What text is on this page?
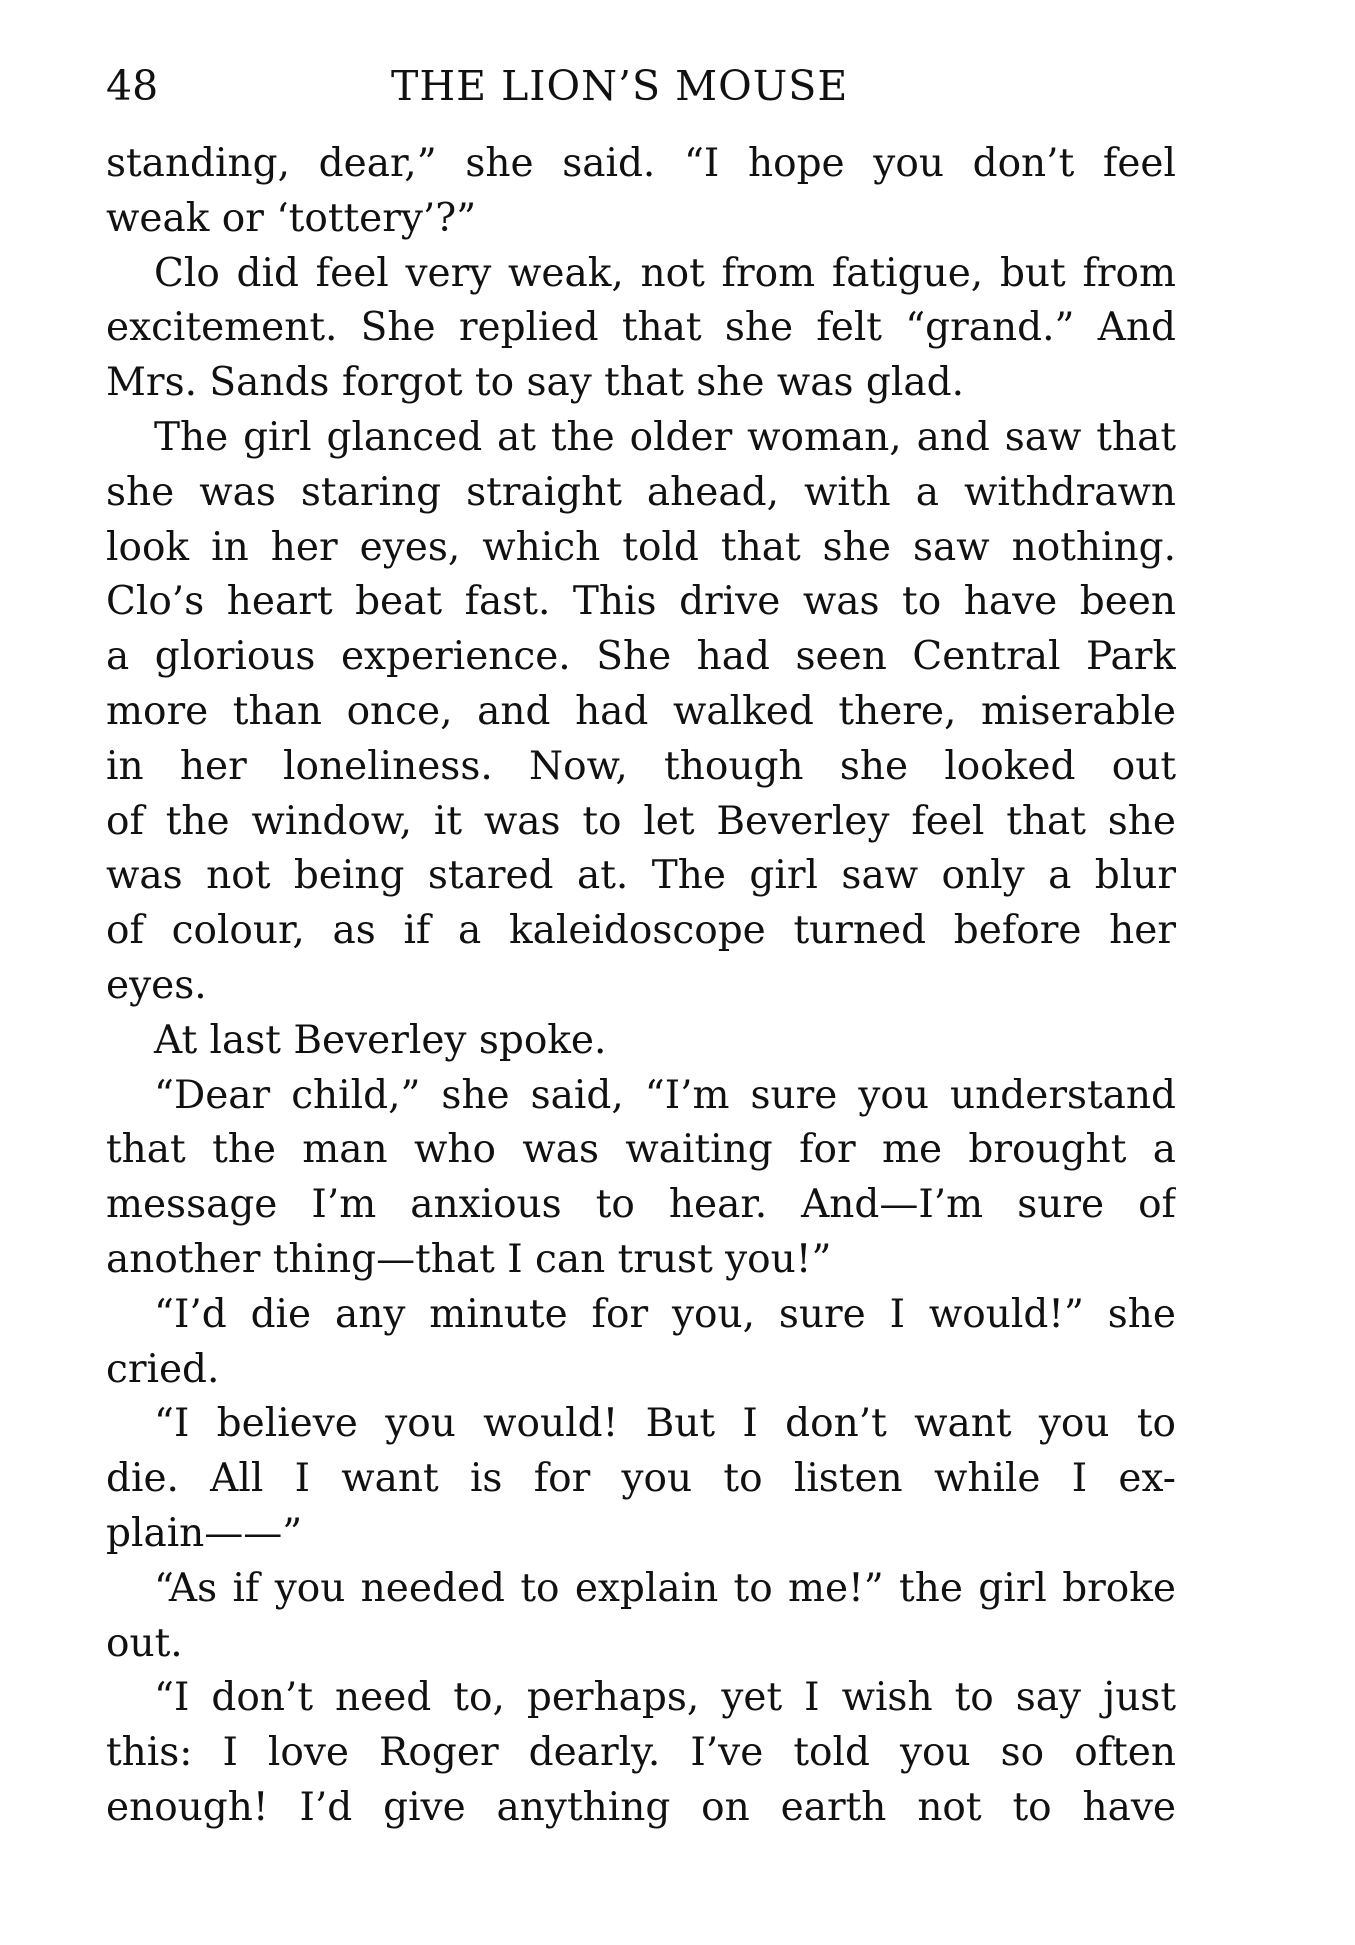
48	THE LION’S MOUSE
standing, dear,” she said. “I hope you don’t feel
weak or ‘tottery’?”
Clo did feel very weak, not from fatigue, but from
excitement. She replied that she felt “grand.” And
Mrs. Sands forgot to say that she was glad.
The girl glanced at the older woman, and saw that
she was staring straight ahead, with a withdrawn
look in her eyes, which told that she saw nothing.
Clo’s heart beat fast. This drive was to have been
a glorious experience. She had seen Central Park
more than once, and had walked there, miserable
in her loneliness. Now, though she looked out
of the window, it was to let Beverley feel that she
was not being stared at. The girl saw only a blur
of colour, as if a kaleidoscope turned before her
eyes.
At last Beverley spoke.
“Dear child,” she said, “I’m sure you understand
that the man who was waiting for me brought a
message I’m anxious to hear. And—I’m sure of
another thing—that I can trust you!”
“I’d die any minute for you, sure I would!” she
cried.
“I believe you would! But I don’t want you to
die. All I want is for you to listen while I ex-
plain——”
“As if you needed to explain to me!” the girl broke
out.
“I don’t need to, perhaps, yet I wish to say just
this: I love Roger dearly. I’ve told you so often
enough! I’d give anything on earth not to have
